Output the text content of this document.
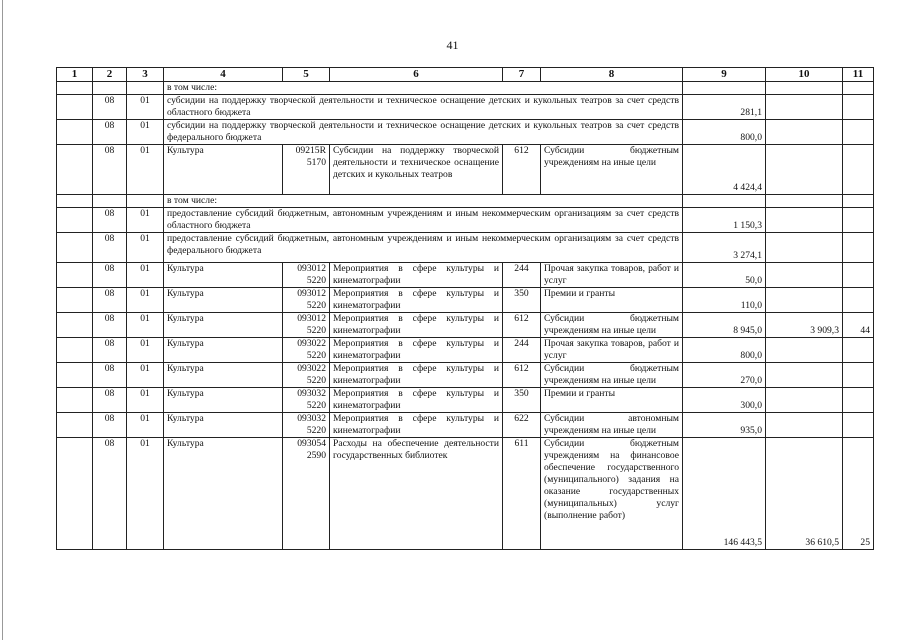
41
1	2	3	4	5	6	7	8	9	10	11
			в том числе:							
	08	01	субсидии на поддержку творческой деятельности и техническое оснащение детских и кукольных театров за счет средств областного бюджета					281,1		
	08	01	субсидии на поддержку творческой деятельности и техническое оснащение детских и кукольных театров за счет средств федерального бюджета					800,0		
	08	01	Культура	09215R 5170	Субсидии на поддержку творческой деятельности и техническое оснащение детских и кукольных театров	612	Субсидии бюджетным учреждениям на иные цели	4 424,4		
			в том числе:							
	08	01	предоставление субсидий бюджетным, автономным учреждениям и иным некоммерческим организациям за счет средств областного бюджета					1 150,3		
	08	01	предоставление субсидий бюджетным, автономным учреждениям и иным некоммерческим организациям за счет средств федерального бюджета					3 274,1		
	08	01	Культура	093012 5220	Мероприятия в сфере культуры и кинематографии	244	Прочая закупка товаров, работ и услуг	50,0		
	08	01	Культура	093012 5220	Мероприятия в сфере культуры и кинематографии	350	Премии и гранты	110,0		
	08	01	Культура	093012 5220	Мероприятия в сфере культуры и кинематографии	612	Субсидии бюджетным учреждениям на иные цели	8 945,0	3 909,3	44
	08	01	Культура	093022 5220	Мероприятия в сфере культуры и кинематографии	244	Прочая закупка товаров, работ и услуг	800,0		
	08	01	Культура	093022 5220	Мероприятия в сфере культуры и кинематографии	612	Субсидии бюджетным учреждениям на иные цели	270,0		
	08	01	Культура	093032 5220	Мероприятия в сфере культуры и кинематографии	350	Премии и гранты	300,0		
	08	01	Культура	093032 5220	Мероприятия в сфере культуры и кинематографии	622	Субсидии автономным учреждениям на иные цели	935,0		
	08	01	Культура	093054 2590	Расходы на обеспечение деятельности государственных библиотек	611	Субсидии бюджетным учреждениям на финансовое обеспечение государственного (муниципального) задания на оказание государственных (муниципальных) услуг (выполнение работ)	146 443,5	36 610,5	25
